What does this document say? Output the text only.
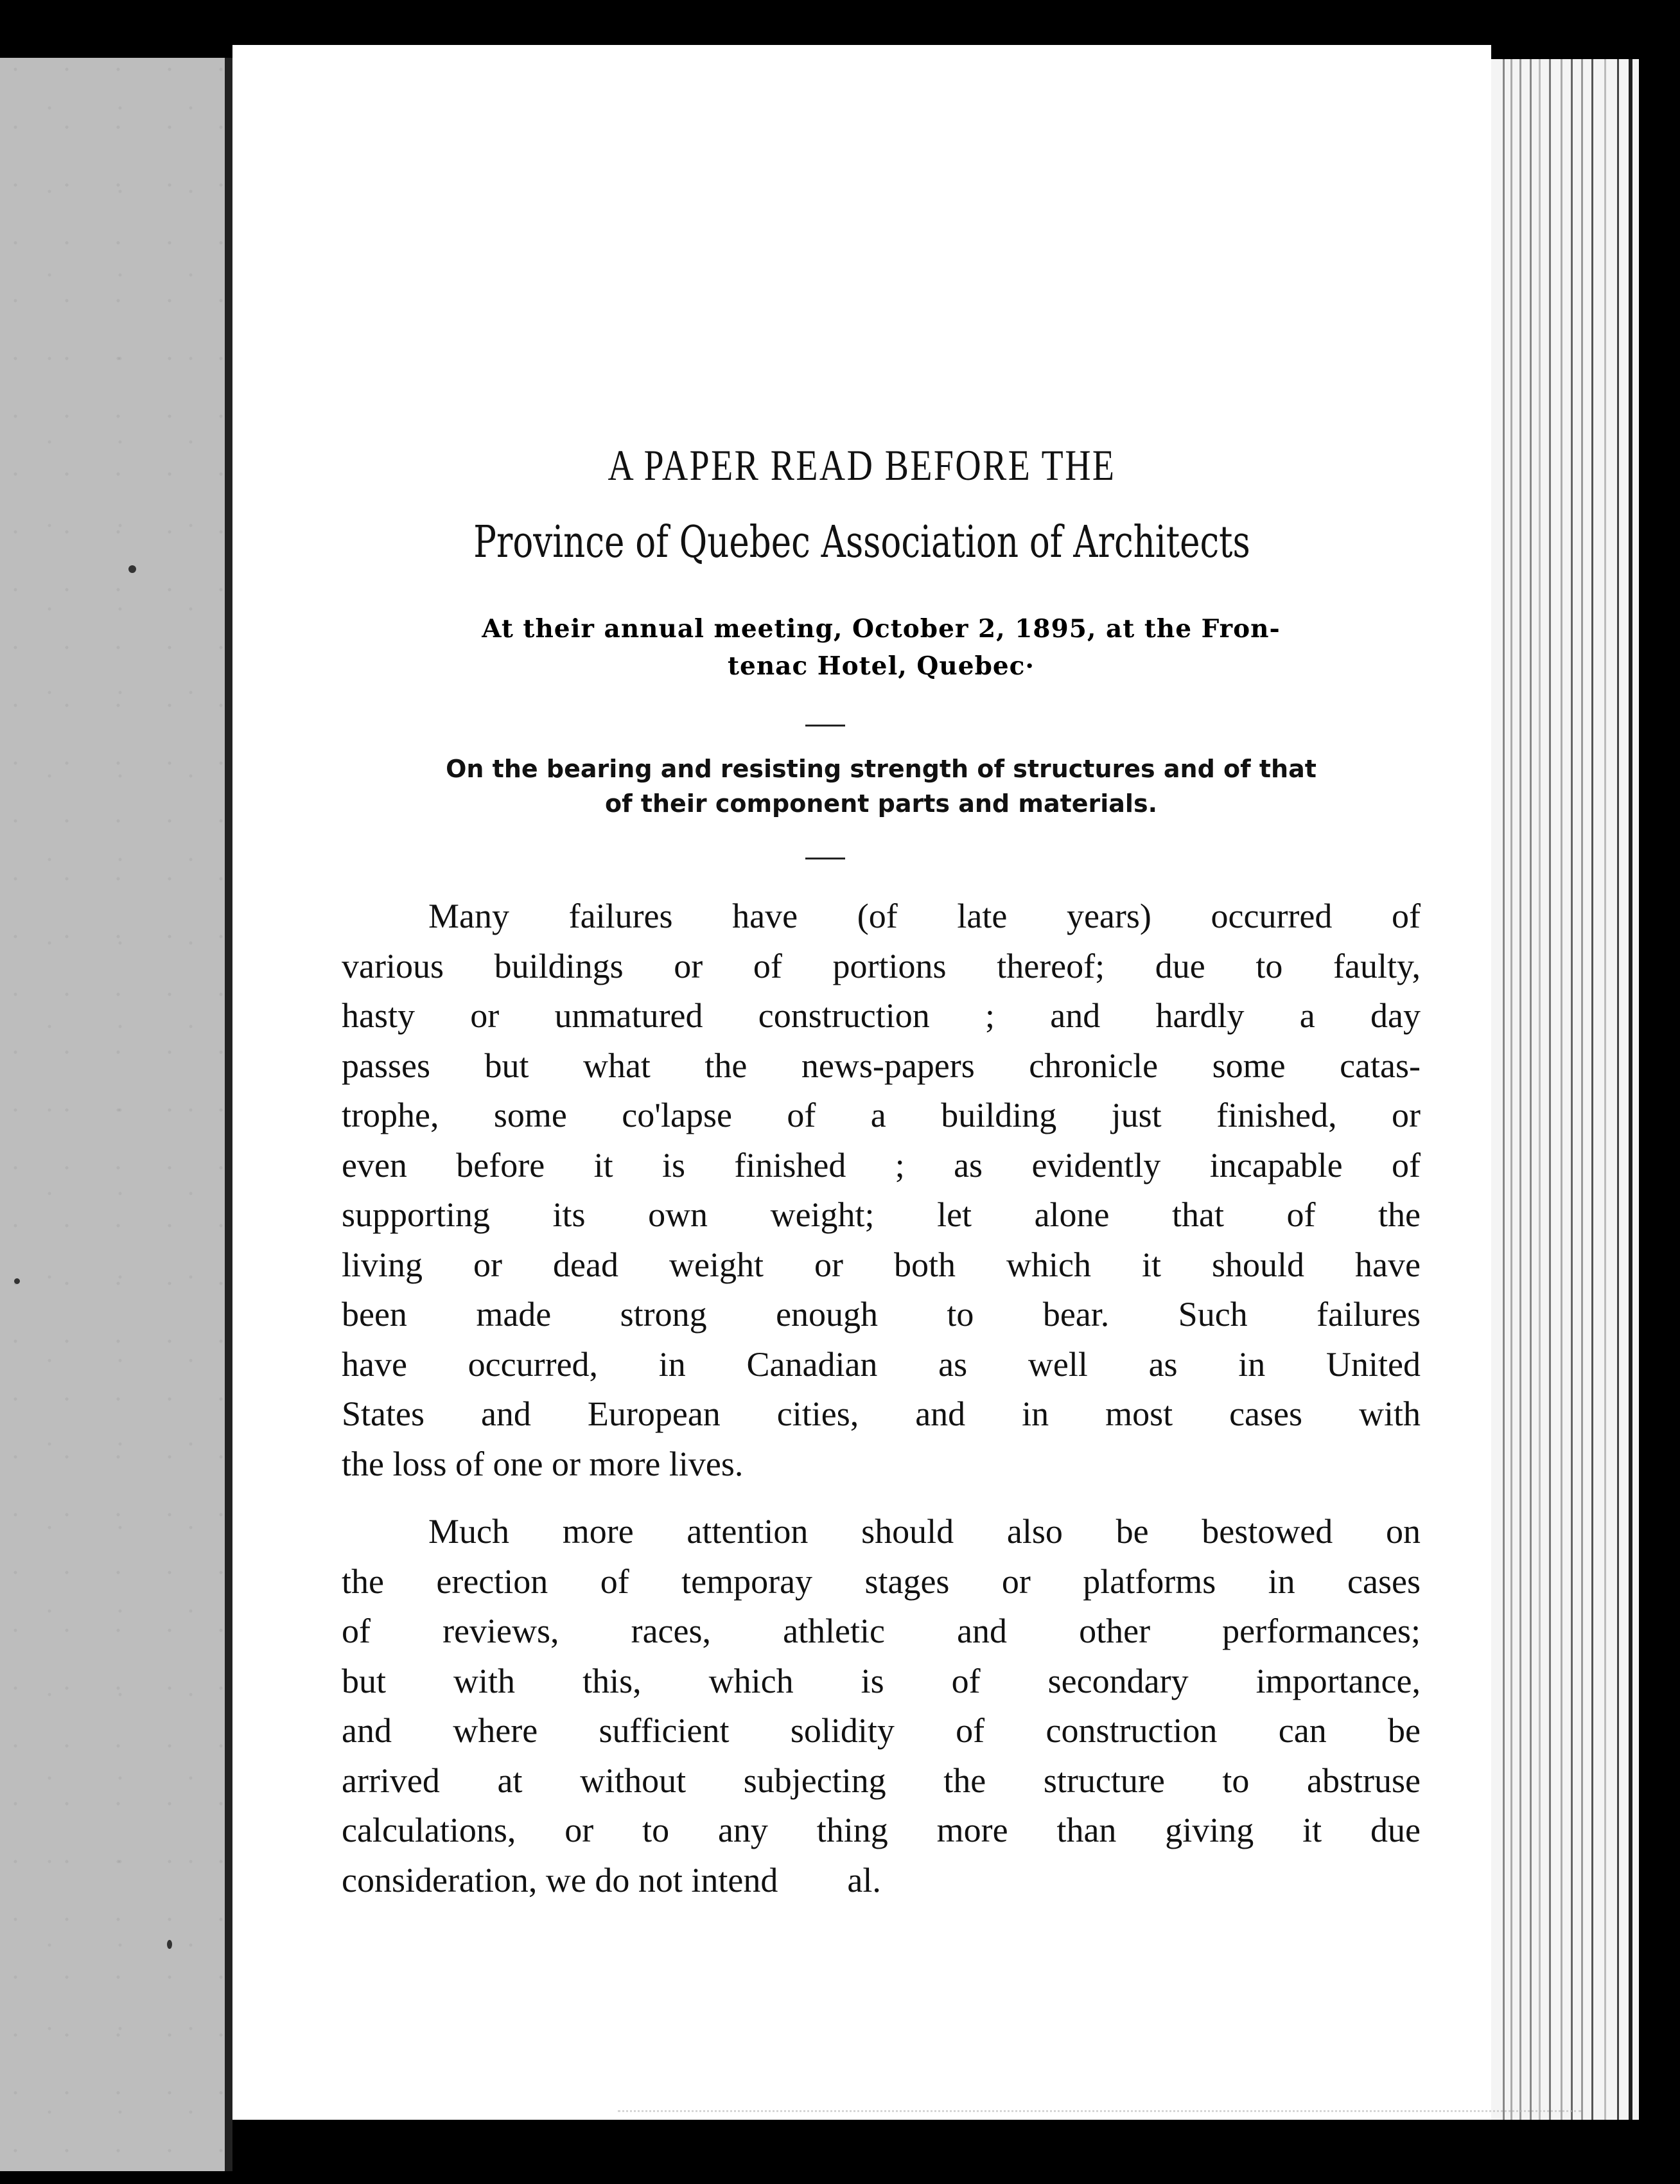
A PAPER READ BEFORE THE
Province of Quebec Association of Architects
At their annual meeting, October 2, 1895, at the Fron-
tenac Hotel, Quebec·
On the bearing and resisting strength of structures and of that
of their component parts and materials.
Many failures have (of late years) occurred of
various buildings or of portions thereof; due to faulty,
hasty or unmatured construction ; and hardly a day
passes but what the news-papers chronicle some catas-
trophe, some co'lapse of a building just finished, or
even before it is finished ; as evidently incapable of
supporting its own weight; let alone that of the
living or dead weight or both which it should have
been made strong enough to bear. Such failures
have occurred, in Canadian as well as in United
States and European cities, and in most cases with
the loss of one or more lives.
Much more attention should also be bestowed on
the erection of temporay stages or platforms in cases
of reviews, races, athletic and other performances;
but with this, which is of secondary importance,
and where sufficient solidity of construction can be
arrived at without subjecting the structure to abstruse
calculations, or to any thing more than giving it due
consideration, we do not intend        al.
